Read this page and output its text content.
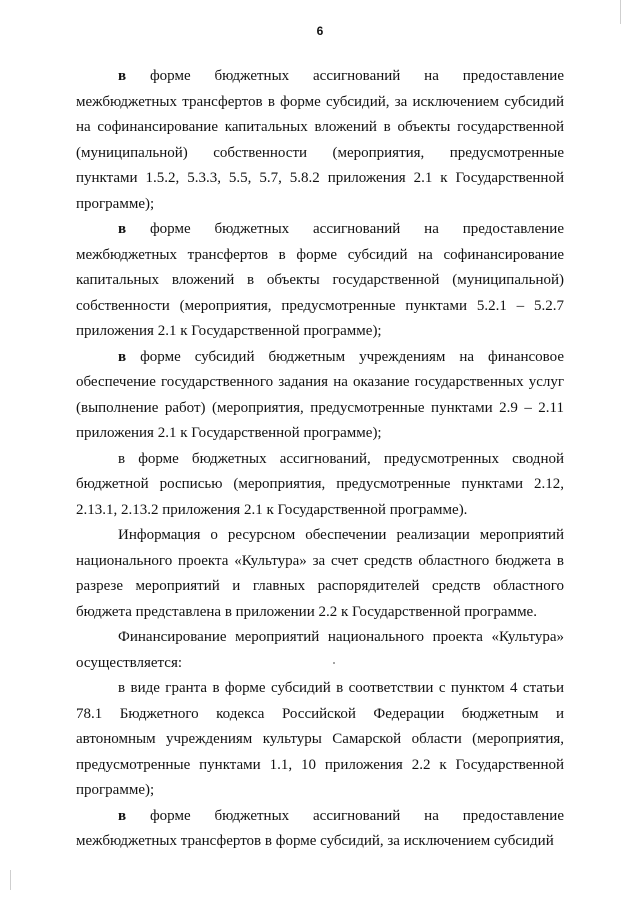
6

в форме бюджетных ассигнований на предоставление межбюджетных трансфертов в форме субсидий, за исключением субсидий на софинансирование капитальных вложений в объекты государственной (муниципальной) собственности (мероприятия, предусмотренные пунктами 1.5.2, 5.3.3, 5.5, 5.7, 5.8.2 приложения 2.1 к Государственной программе);

в форме бюджетных ассигнований на предоставление межбюджетных трансфертов в форме субсидий на софинансирование капитальных вложений в объекты государственной (муниципальной) собственности (мероприятия, предусмотренные пунктами 5.2.1 – 5.2.7 приложения 2.1 к Государственной программе);

в форме субсидий бюджетным учреждениям на финансовое обеспечение государственного задания на оказание государственных услуг (выполнение работ) (мероприятия, предусмотренные пунктами 2.9 – 2.11 приложения 2.1 к Государственной программе);

в форме бюджетных ассигнований, предусмотренных сводной бюджетной росписью (мероприятия, предусмотренные пунктами 2.12, 2.13.1, 2.13.2 приложения 2.1 к Государственной программе).

Информация о ресурсном обеспечении реализации мероприятий национального проекта «Культура» за счет средств областного бюджета в разрезе мероприятий и главных распорядителей средств областного бюджета представлена в приложении 2.2 к Государственной программе.

Финансирование мероприятий национального проекта «Культура» осуществляется:

в виде гранта в форме субсидий в соответствии с пунктом 4 статьи 78.1 Бюджетного кодекса Российской Федерации бюджетным и автономным учреждениям культуры Самарской области (мероприятия, предусмотренные пунктами 1.1, 10 приложения 2.2 к Государственной программе);

в форме бюджетных ассигнований на предоставление межбюджетных трансфертов в форме субсидий, за исключением субсидий
